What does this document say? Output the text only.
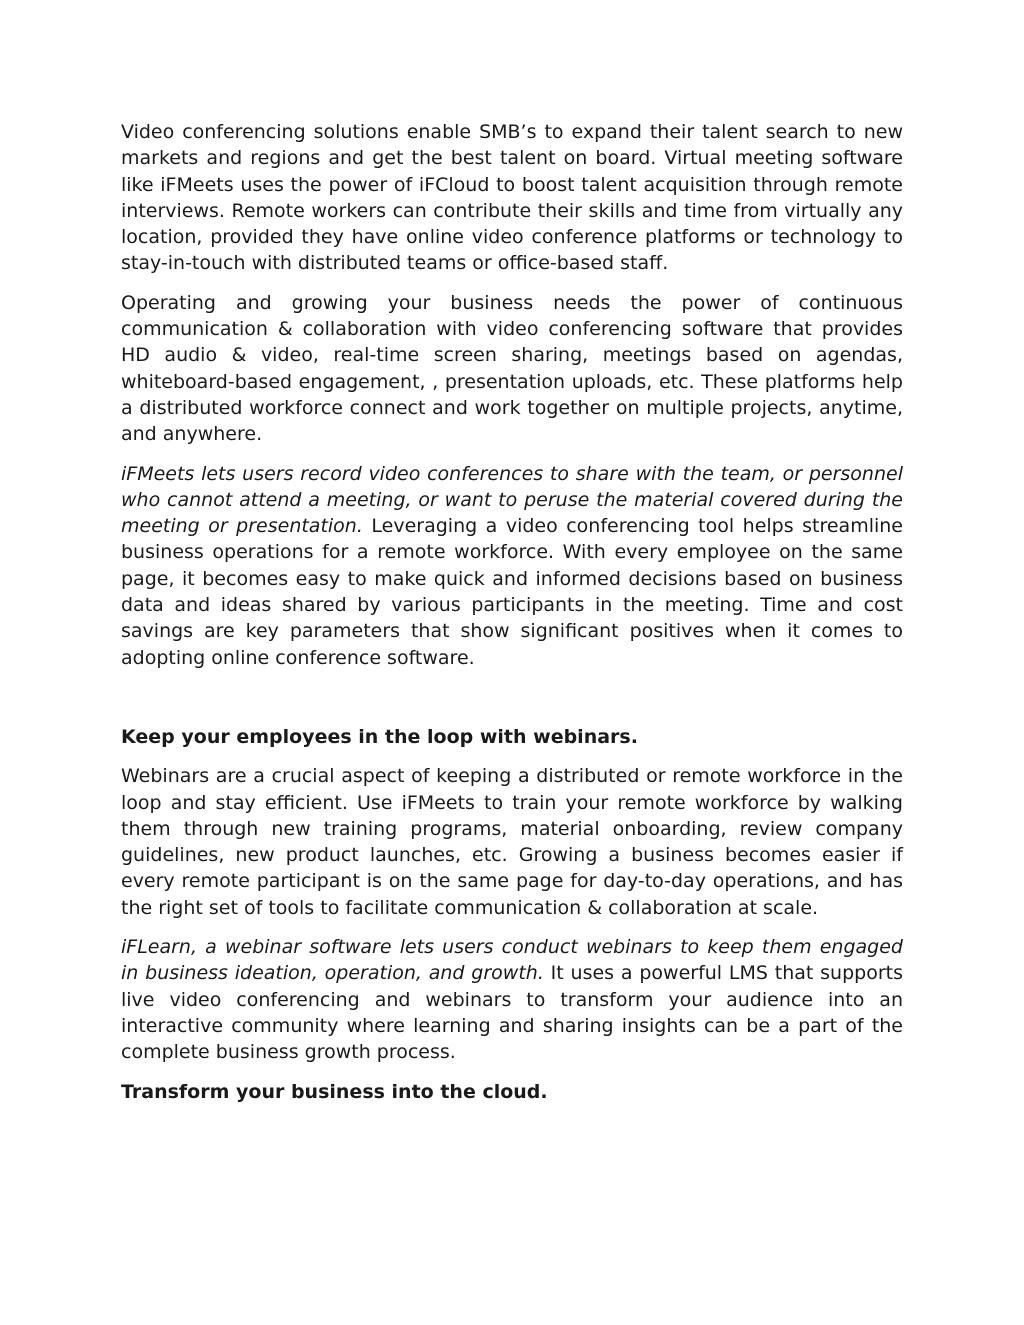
Video conferencing solutions enable SMB’s to expand their talent search to new markets and regions and get the best talent on board. Virtual meeting software like iFMeets uses the power of iFCloud to boost talent acquisition through remote interviews. Remote workers can contribute their skills and time from virtually any location, provided they have online video conference platforms or technology to stay-in-touch with distributed teams or office-based staff.

Operating and growing your business needs the power of continuous communication & collaboration with video conferencing software that provides HD audio & video, real-time screen sharing, meetings based on agendas, whiteboard-based engagement, , presentation uploads, etc. These platforms help a distributed workforce connect and work together on multiple projects, anytime, and anywhere.

iFMeets lets users record video conferences to share with the team, or personnel who cannot attend a meeting, or want to peruse the material covered during the meeting or presentation. Leveraging a video conferencing tool helps streamline business operations for a remote workforce. With every employee on the same page, it becomes easy to make quick and informed decisions based on business data and ideas shared by various participants in the meeting. Time and cost savings are key parameters that show significant positives when it comes to adopting online conference software.

Keep your employees in the loop with webinars.

Webinars are a crucial aspect of keeping a distributed or remote workforce in the loop and stay efficient. Use iFMeets to train your remote workforce by walking them through new training programs, material onboarding, review company guidelines, new product launches, etc. Growing a business becomes easier if every remote participant is on the same page for day-to-day operations, and has the right set of tools to facilitate communication & collaboration at scale.

iFLearn, a webinar software lets users conduct webinars to keep them engaged in business ideation, operation, and growth. It uses a powerful LMS that supports live video conferencing and webinars to transform your audience into an interactive community where learning and sharing insights can be a part of the complete business growth process.

Transform your business into the cloud.
